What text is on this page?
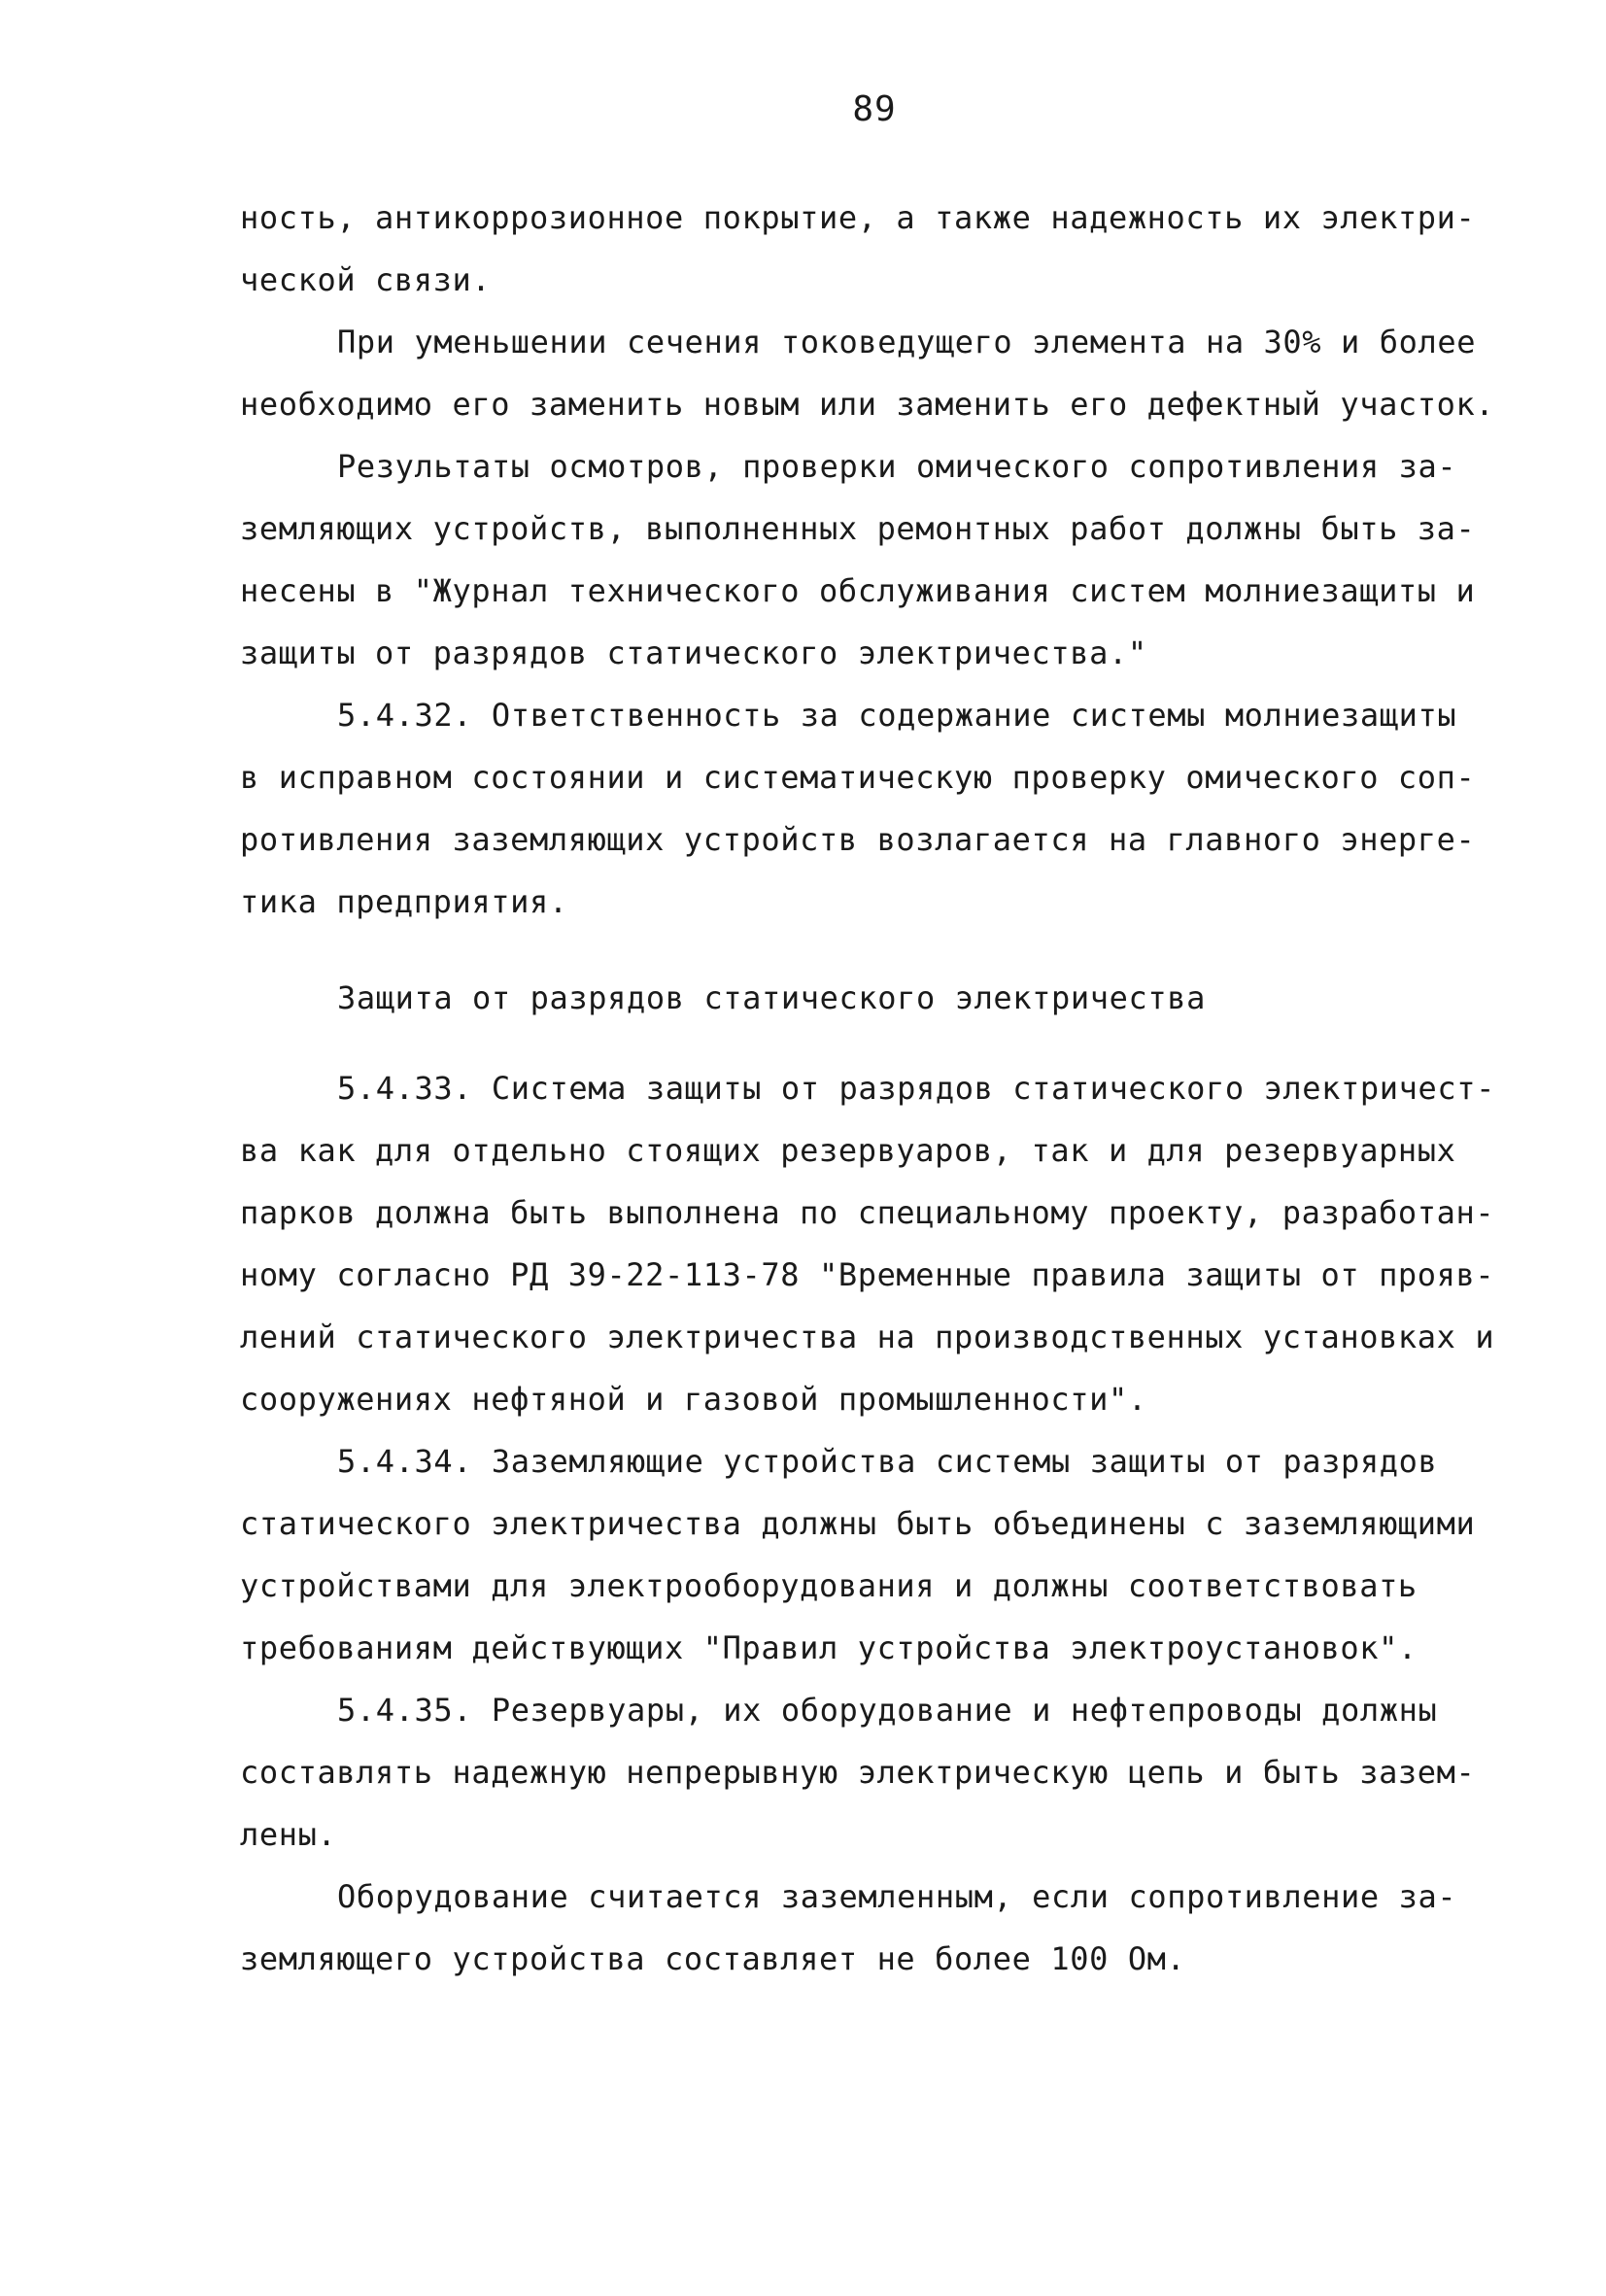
89
ность, антикоррозионное покрытие, а также надежность их электри-
ческой связи.
При уменьшении сечения токоведущего элемента на 30% и более
необходимо его заменить новым или заменить его дефектный участок.
Результаты осмотров, проверки омического сопротивления за-
земляющих устройств, выполненных ремонтных работ должны быть за-
несены в "Журнал технического обслуживания систем молниезащиты и
защиты от разрядов статического электричества."
5.4.32. Ответственность за содержание системы молниезащиты
в исправном состоянии и систематическую проверку омического соп-
ротивления заземляющих устройств возлагается на главного энерге-
тика предприятия.
Защита от разрядов статического электричества
5.4.33. Система защиты от разрядов статического электричест-
ва как для отдельно стоящих резервуаров, так и для резервуарных
парков должна быть выполнена по специальному проекту, разработан-
ному согласно РД 39-22-113-78 "Временные правила защиты от прояв-
лений статического электричества на производственных установках и
сооружениях нефтяной и газовой промышленности".
5.4.34. Заземляющие устройства системы защиты от разрядов
статического электричества должны быть объединены с заземляющими
устройствами для электрооборудования и должны соответствовать
требованиям действующих "Правил устройства электроустановок".
5.4.35. Резервуары, их оборудование и нефтепроводы должны
составлять надежную непрерывную электрическую цепь и быть зазем-
лены.
Оборудование считается заземленным, если сопротивление за-
земляющего устройства составляет не более 100 Ом.
